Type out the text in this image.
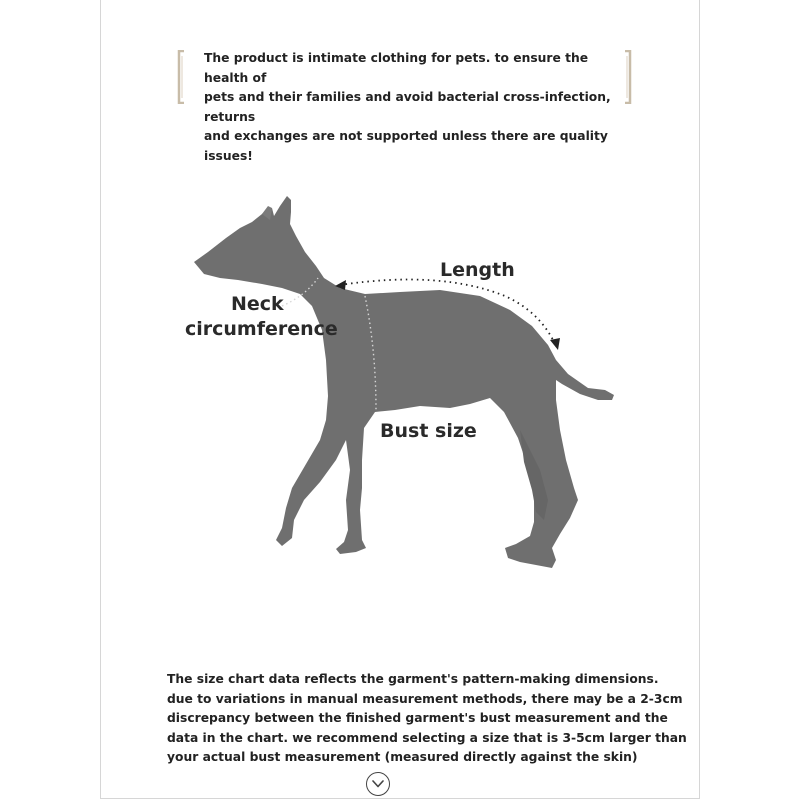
The product is intimate clothing for pets. to ensure the health of
pets and their families and avoid bacterial cross-infection, returns
and exchanges are not supported unless there are quality issues!

Length

Neck

circumference

Bust size

The size chart data reflects the garment's pattern-making dimensions.
due to variations in manual measurement methods, there may be a 2-3cm
discrepancy between the finished garment's bust measurement and the
data in the chart. we recommend selecting a size that is 3-5cm larger than
your actual bust measurement (measured directly against the skin)
